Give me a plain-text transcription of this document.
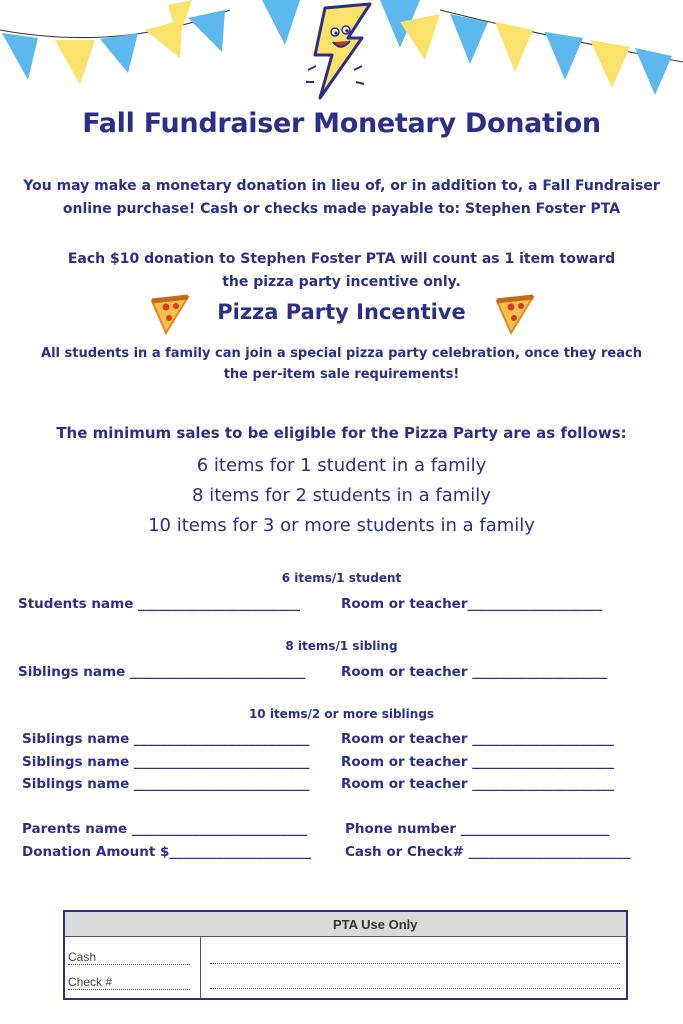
Fall Fundraiser Monetary Donation
You may make a monetary donation in lieu of, or in addition to, a Fall Fundraiser
online purchase! Cash or checks made payable to: Stephen Foster PTA
Each $10 donation to Stephen Foster PTA will count as 1 item toward
the pizza party incentive only.
Pizza Party Incentive
All students in a family can join a special pizza party celebration, once they reach
the per-item sale requirements!
The minimum sales to be eligible for the Pizza Party are as follows:
6 items for 1 student in a family
8 items for 2 students in a family
10 items for 3 or more students in a family
6 items/1 student
Students name ________________________	Room or teacher____________________
8 items/1 sibling
Siblings name __________________________	Room or teacher ____________________
10 items/2 or more siblings
Siblings name __________________________ Room or teacher _____________________
Siblings name __________________________ Room or teacher _____________________
Siblings name __________________________ Room or teacher _____________________
Parents name __________________________	Phone number ______________________
Donation Amount $_____________________	Cash or Check# ________________________
PTA Use Only
Cash
Check #
